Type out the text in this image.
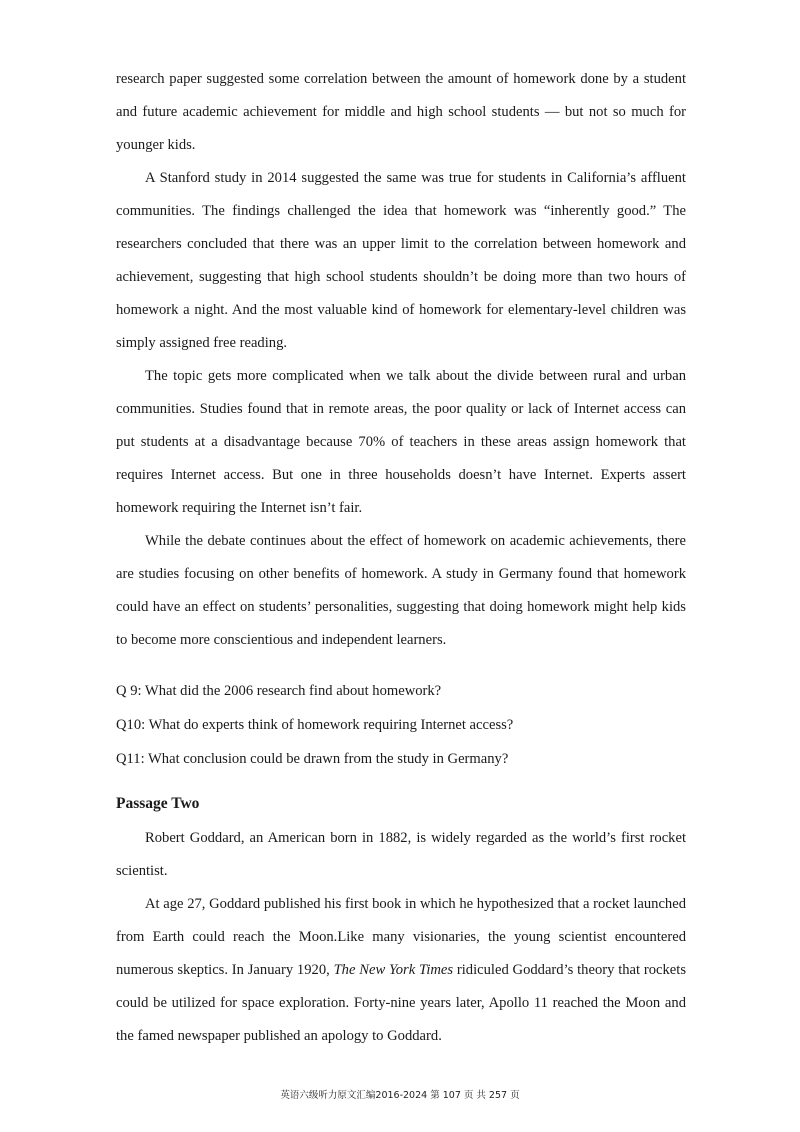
research paper suggested some correlation between the amount of homework done by a student and future academic achievement for middle and high school students — but not so much for younger kids.

A Stanford study in 2014 suggested the same was true for students in California’s affluent communities. The findings challenged the idea that homework was “inherently good.” The researchers concluded that there was an upper limit to the correlation between homework and achievement, suggesting that high school students shouldn’t be doing more than two hours of homework a night. And the most valuable kind of homework for elementary-level children was simply assigned free reading.

The topic gets more complicated when we talk about the divide between rural and urban communities. Studies found that in remote areas, the poor quality or lack of Internet access can put students at a disadvantage because 70% of teachers in these areas assign homework that requires Internet access. But one in three households doesn’t have Internet. Experts assert homework requiring the Internet isn’t fair.

While the debate continues about the effect of homework on academic achievements, there are studies focusing on other benefits of homework. A study in Germany found that homework could have an effect on students’ personalities, suggesting that doing homework might help kids to become more conscientious and independent learners.

Q 9: What did the 2006 research find about homework?

Q10: What do experts think of homework requiring Internet access?

Q11: What conclusion could be drawn from the study in Germany?

Passage Two

Robert Goddard, an American born in 1882, is widely regarded as the world’s first rocket scientist.

At age 27, Goddard published his first book in which he hypothesized that a rocket launched from Earth could reach the Moon.Like many visionaries, the young scientist encountered numerous skeptics. In January 1920, The New York Times ridiculed Goddard’s theory that rockets could be utilized for space exploration. Forty-nine years later, Apollo 11 reached the Moon and the famed newspaper published an apology to Goddard.

英语六级听力原文汇编2016-2024 第 107 页 共 257 页
